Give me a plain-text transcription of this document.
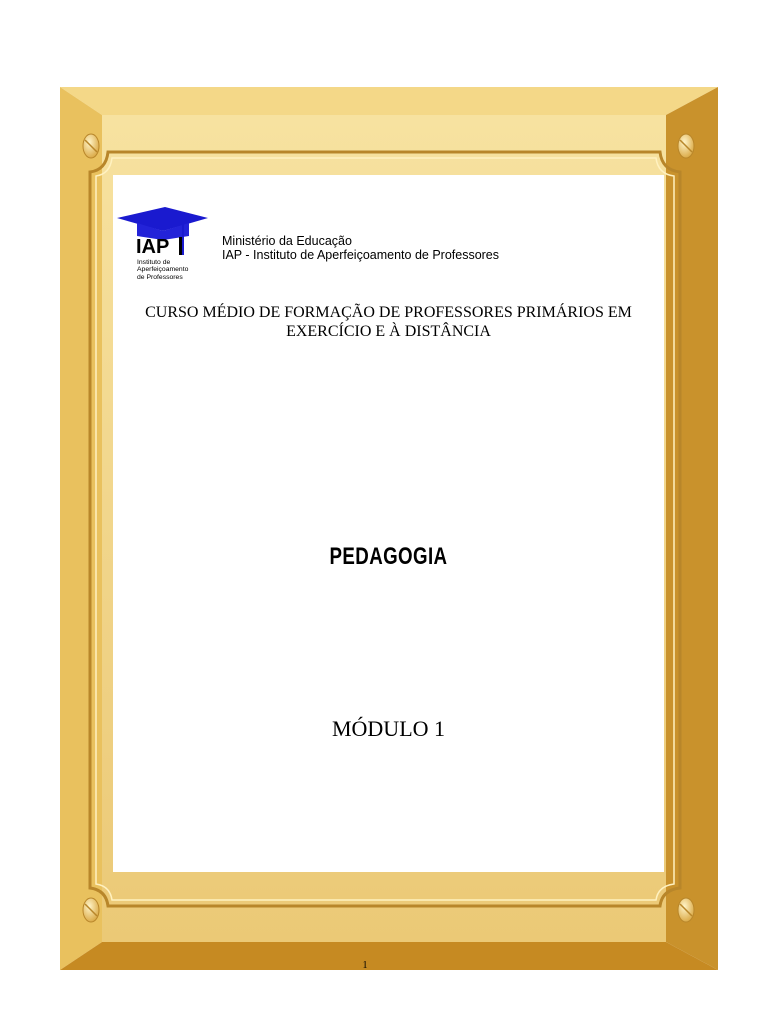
IAP
Instituto de
Aperfeiçoamento
de Professores
Ministério da Educação
IAP - Instituto de Aperfeiçoamento de Professores
CURSO MÉDIO DE FORMAÇÃO DE PROFESSORES PRIMÁRIOS EM
EXERCÍCIO E À DISTÂNCIA
PEDAGOGIA
MÓDULO 1
1
